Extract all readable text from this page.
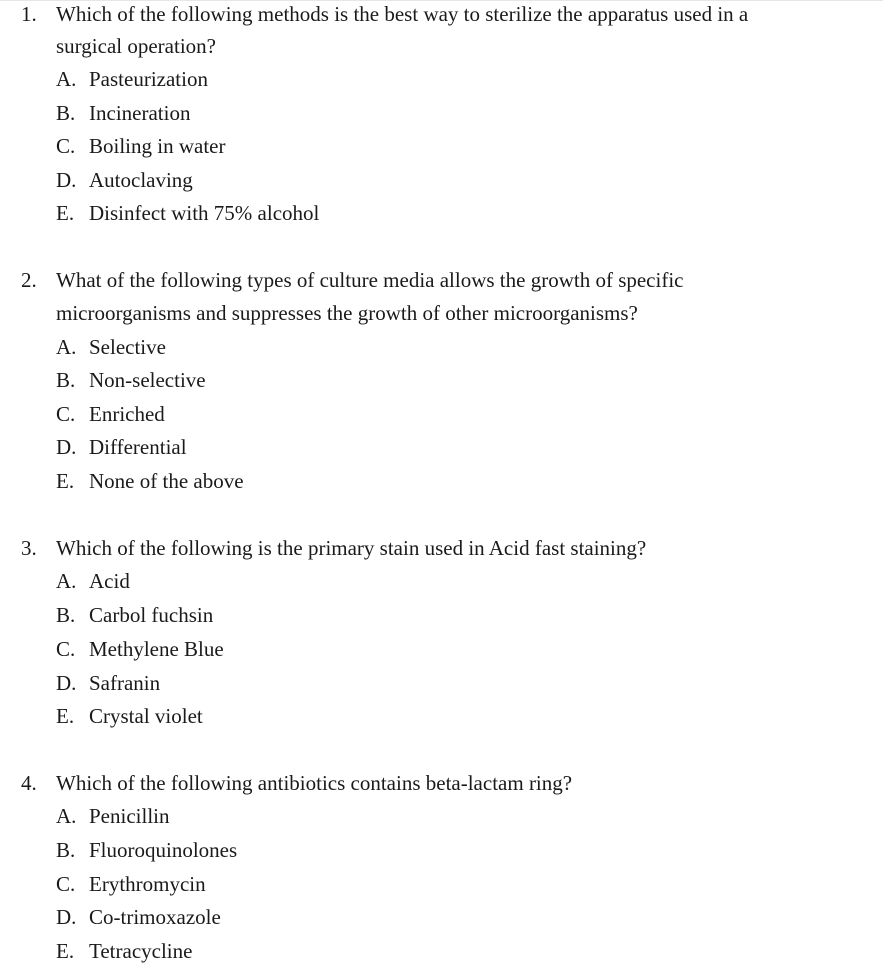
1. Which of the following methods is the best way to sterilize the apparatus used in a
surgical operation?
A. Pasteurization
B. Incineration
C. Boiling in water
D. Autoclaving
E. Disinfect with 75% alcohol
2. What of the following types of culture media allows the growth of specific
microorganisms and suppresses the growth of other microorganisms?
A. Selective
B. Non-selective
C. Enriched
D. Differential
E. None of the above
3. Which of the following is the primary stain used in Acid fast staining?
A. Acid
B. Carbol fuchsin
C. Methylene Blue
D. Safranin
E. Crystal violet
4. Which of the following antibiotics contains beta-lactam ring?
A. Penicillin
B. Fluoroquinolones
C. Erythromycin
D. Co-trimoxazole
E. Tetracycline
